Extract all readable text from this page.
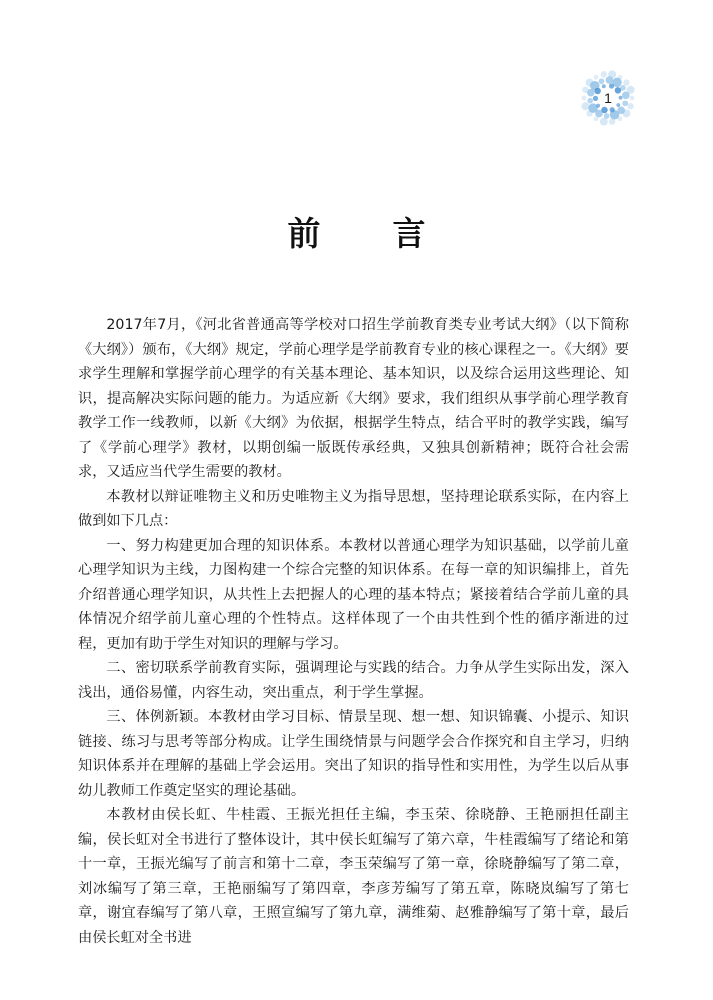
1
前言

2017年7月，《河北省普通高等学校对口招生学前教育类专业考试大纲》（以下简称《大纲》）颁布，《大纲》规定，学前心理学是学前教育专业的核心课程之一。《大纲》要求学生理解和掌握学前心理学的有关基本理论、基本知识，以及综合运用这些理论、知识，提高解决实际问题的能力。为适应新《大纲》要求，我们组织从事学前心理学教育教学工作一线教师，以新《大纲》为依据，根据学生特点，结合平时的教学实践，编写了《学前心理学》教材，以期创编一版既传承经典，又独具创新精神；既符合社会需求，又适应当代学生需要的教材。

本教材以辩证唯物主义和历史唯物主义为指导思想，坚持理论联系实际，在内容上做到如下几点：

一、努力构建更加合理的知识体系。本教材以普通心理学为知识基础，以学前儿童心理学知识为主线，力图构建一个综合完整的知识体系。在每一章的知识编排上，首先介绍普通心理学知识，从共性上去把握人的心理的基本特点；紧接着结合学前儿童的具体情况介绍学前儿童心理的个性特点。这样体现了一个由共性到个性的循序渐进的过程，更加有助于学生对知识的理解与学习。

二、密切联系学前教育实际，强调理论与实践的结合。力争从学生实际出发，深入浅出，通俗易懂，内容生动，突出重点，利于学生掌握。

三、体例新颖。本教材由学习目标、情景呈现、想一想、知识锦囊、小提示、知识链接、练习与思考等部分构成。让学生围绕情景与问题学会合作探究和自主学习，归纳知识体系并在理解的基础上学会运用。突出了知识的指导性和实用性，为学生以后从事幼儿教师工作奠定坚实的理论基础。

本教材由侯长虹、牛桂霞、王振光担任主编，李玉荣、徐晓静、王艳丽担任副主编，侯长虹对全书进行了整体设计，其中侯长虹编写了第六章，牛桂霞编写了绪论和第十一章，王振光编写了前言和第十二章，李玉荣编写了第一章，徐晓静编写了第二章，刘冰编写了第三章，王艳丽编写了第四章，李彦芳编写了第五章，陈晓岚编写了第七章，谢宜春编写了第八章，王照宣编写了第九章，满维菊、赵雅静编写了第十章，最后由侯长虹对全书进
